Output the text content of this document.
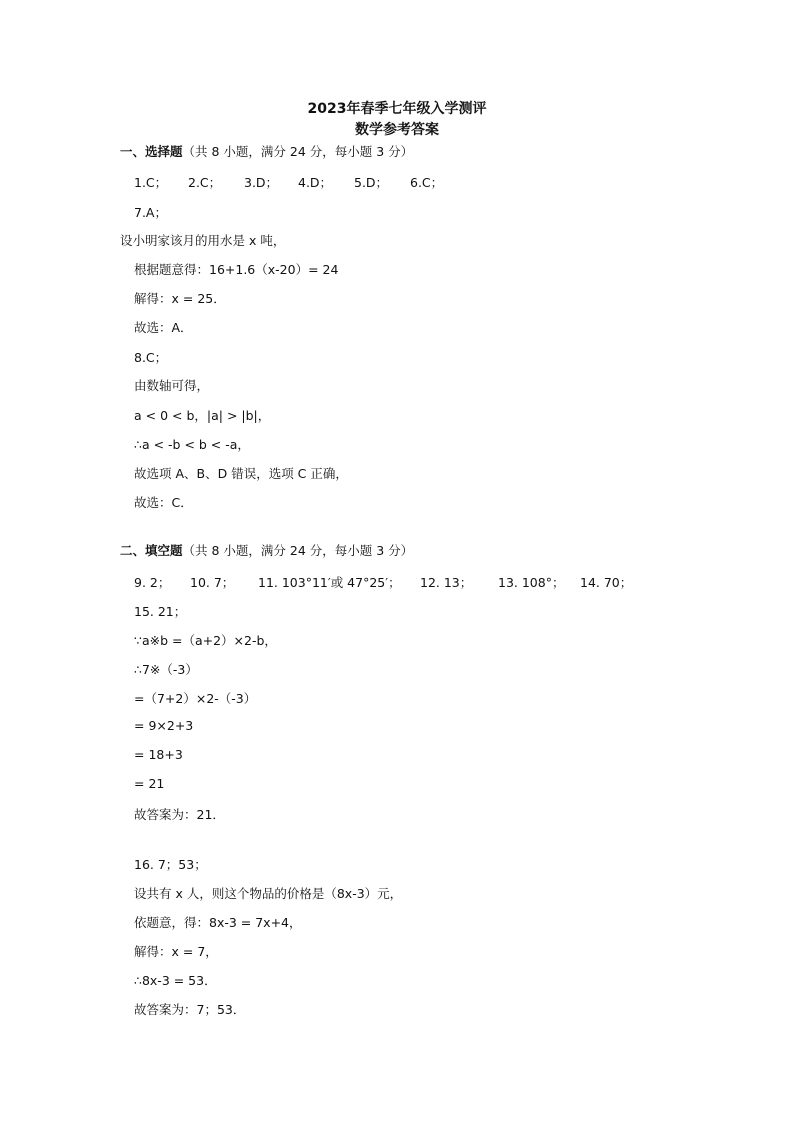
2023年春季七年级入学测评
数学参考答案
一、选择题（共 8 小题，满分 24 分，每小题 3 分）
1.C； 2.C； 3.D； 4.D； 5.D； 6.C；
7.A；
设小明家该月的用水是 x 吨，
根据题意得：16+1.6（x-20）= 24
解得：x = 25．
故选：A．
8.C；
由数轴可得，
a < 0 < b，|a| > |b|，
∴a < -b < b < -a，
故选项 A、B、D 错误，选项 C 正确，
故选：C．
二、填空题（共 8 小题，满分 24 分，每小题 3 分）
9. 2； 10. 7； 11. 103°11′或 47°25′； 12. 13； 13. 108°； 14. 70；
15. 21；
∵a※b =（a+2）×2-b，
∴7※（-3）
=（7+2）×2-（-3）
= 9×2+3
= 18+3
= 21
故答案为：21．
16. 7；53；
设共有 x 人，则这个物品的价格是（8x-3）元，
依题意，得：8x-3 = 7x+4，
解得：x = 7，
∴8x-3 = 53．
故答案为：7；53．
